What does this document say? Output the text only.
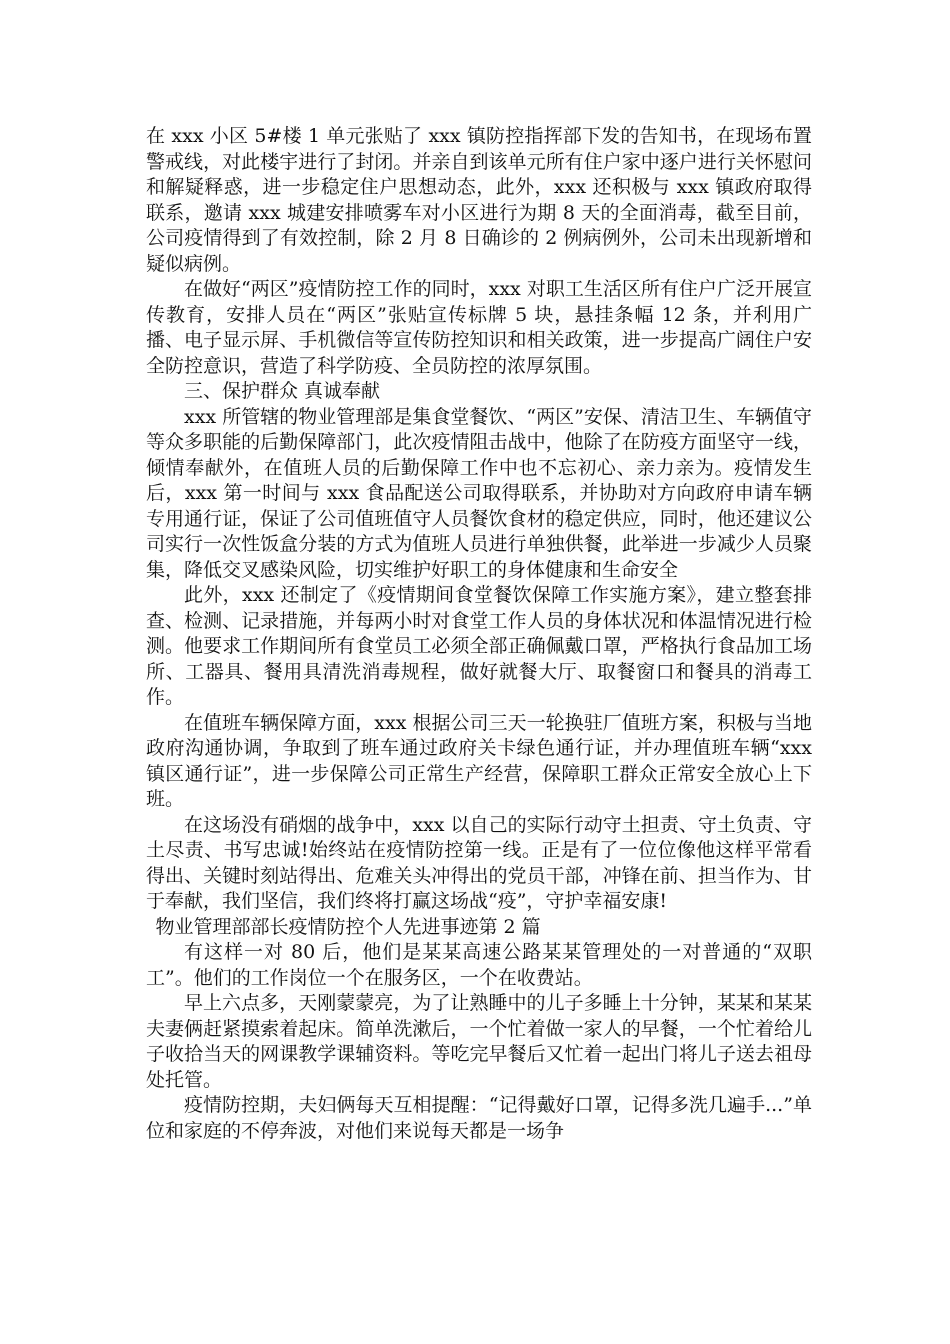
在 xxx 小区 5#楼 1 单元张贴了 xxx 镇防控指挥部下发的告知书，在现场布置警戒线，对此楼宇进行了封闭。并亲自到该单元所有住户家中逐户进行关怀慰问和解疑释惑，进一步稳定住户思想动态，此外，xxx 还积极与 xxx 镇政府取得联系，邀请 xxx 城建安排喷雾车对小区进行为期 8 天的全面消毒，截至目前，公司疫情得到了有效控制，除 2 月 8 日确诊的 2 例病例外，公司未出现新增和疑似病例。

在做好“两区”疫情防控工作的同时，xxx 对职工生活区所有住户广泛开展宣传教育，安排人员在“两区”张贴宣传标牌 5 块，悬挂条幅 12 条，并利用广播、电子显示屏、手机微信等宣传防控知识和相关政策，进一步提高广阔住户安全防控意识，营造了科学防疫、全员防控的浓厚氛围。

三、保护群众 真诚奉献

xxx 所管辖的物业管理部是集食堂餐饮、“两区”安保、清洁卫生、车辆值守等众多职能的后勤保障部门，此次疫情阻击战中，他除了在防疫方面坚守一线，倾情奉献外，在值班人员的后勤保障工作中也不忘初心、亲力亲为。疫情发生后，xxx 第一时间与 xxx 食品配送公司取得联系，并协助对方向政府申请车辆专用通行证，保证了公司值班值守人员餐饮食材的稳定供应，同时，他还建议公司实行一次性饭盒分装的方式为值班人员进行单独供餐，此举进一步减少人员聚集，降低交叉感染风险，切实维护好职工的身体健康和生命安全

此外，xxx 还制定了《疫情期间食堂餐饮保障工作实施方案》，建立整套排查、检测、记录措施，并每两小时对食堂工作人员的身体状况和体温情况进行检测。他要求工作期间所有食堂员工必须全部正确佩戴口罩，严格执行食品加工场所、工器具、餐用具清洗消毒规程，做好就餐大厅、取餐窗口和餐具的消毒工作。

在值班车辆保障方面，xxx 根据公司三天一轮换驻厂值班方案，积极与当地政府沟通协调，争取到了班车通过政府关卡绿色通行证，并办理值班车辆“xxx 镇区通行证”，进一步保障公司正常生产经营，保障职工群众正常安全放心上下班。

在这场没有硝烟的战争中，xxx 以自己的实际行动守土担责、守土负责、守土尽责、书写忠诚!始终站在疫情防控第一线。正是有了一位位像他这样平常看得出、关键时刻站得出、危难关头冲得出的党员干部，冲锋在前、担当作为、甘于奉献，我们坚信，我们终将打赢这场战“疫”，守护幸福安康!

物业管理部部长疫情防控个人先进事迹第 2 篇

有这样一对 80 后，他们是某某高速公路某某管理处的一对普通的“双职工”。他们的工作岗位一个在服务区，一个在收费站。

早上六点多，天刚蒙蒙亮，为了让熟睡中的儿子多睡上十分钟，某某和某某夫妻俩赶紧摸索着起床。简单洗漱后，一个忙着做一家人的早餐，一个忙着给儿子收拾当天的网课教学课辅资料。等吃完早餐后又忙着一起出门将儿子送去祖母处托管。

疫情防控期，夫妇俩每天互相提醒：“记得戴好口罩，记得多洗几遍手...”单位和家庭的不停奔波，对他们来说每天都是一场争
